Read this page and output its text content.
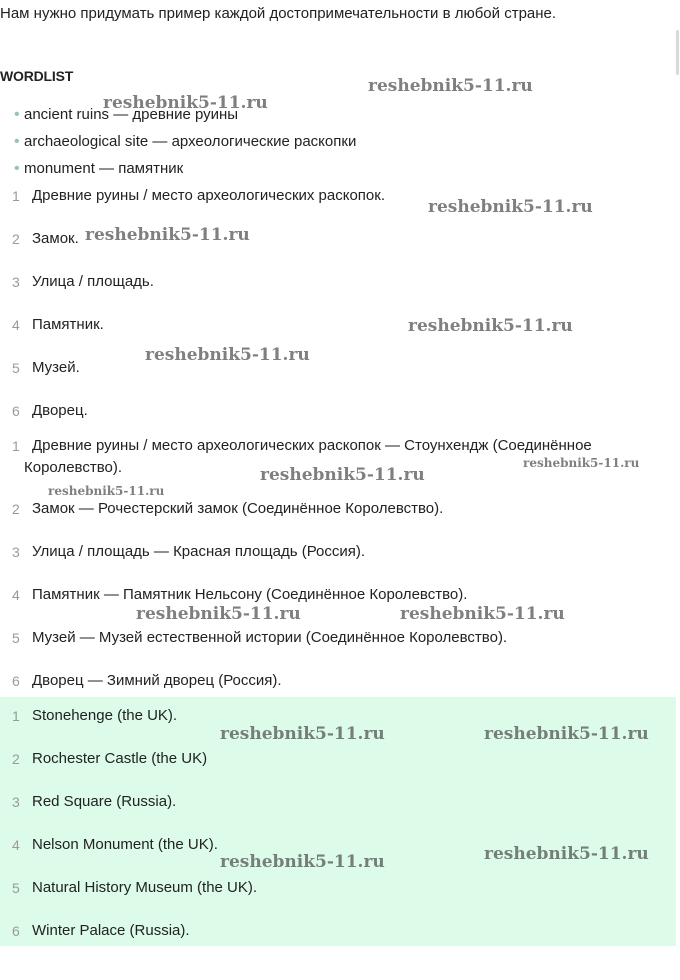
Нам нужно придумать пример каждой достопримечательности в любой стране.
WORDLIST
• ancient ruins — древние руины
• archaeological site — археологические раскопки
• monument — памятник
1 Древние руины / место археологических раскопок.
2 Замок.
3 Улица / площадь.
4 Памятник.
5 Музей.
6 Дворец.
1 Древние руины / место археологических раскопок — Стоунхендж (Соединённое Королевство).
2 Замок — Рочестерский замок (Соединённое Королевство).
3 Улица / площадь — Красная площадь (Россия).
4 Памятник — Памятник Нельсону (Соединённое Королевство).
5 Музей — Музей естественной истории (Соединённое Королевство).
6 Дворец — Зимний дворец (Россия).
1 Stonehenge (the UK).
2 Rochester Castle (the UK)
3 Red Square (Russia).
4 Nelson Monument (the UK).
5 Natural History Museum (the UK).
6 Winter Palace (Russia).
reshebnik5-11.ru
reshebnik5-11.ru
reshebnik5-11.ru
reshebnik5-11.ru
reshebnik5-11.ru
reshebnik5-11.ru
reshebnik5-11.ru
reshebnik5-11.ru
reshebnik5-11.ru
reshebnik5-11.ru	reshebnik5-11.ru
reshebnik5-11.ru	reshebnik5-11.ru
reshebnik5-11.ru
reshebnik5-11.ru
